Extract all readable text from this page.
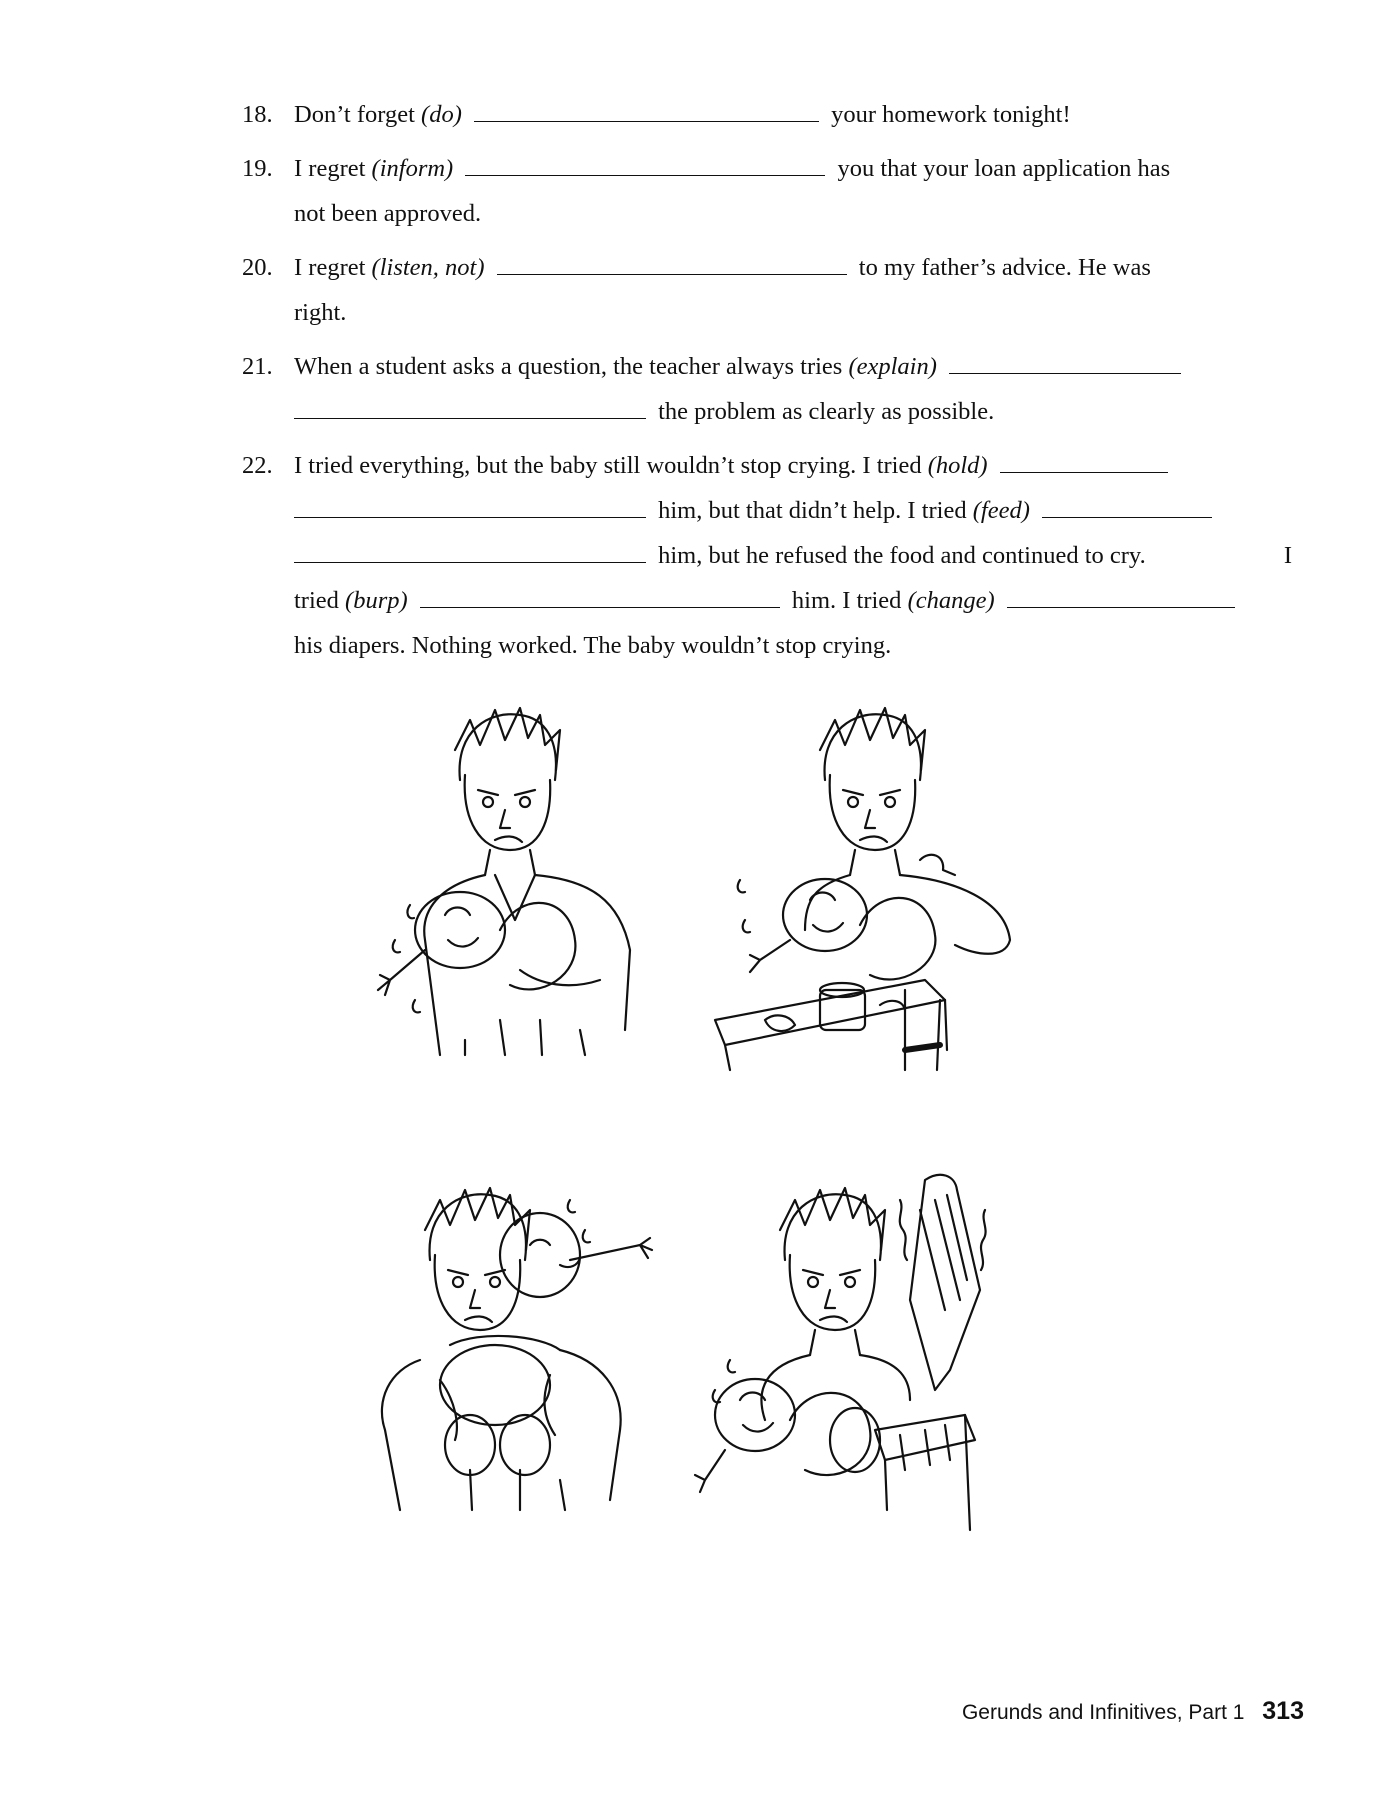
18. Don’t forget (do)	your homework tonight!
19. I regret (inform)	you that your loan application has
not been approved.
20. I regret (listen, not)	to my father’s advice. He was
right.
21. When a student asks a question, the teacher always tries (explain)
the problem as clearly as possible.
22. I tried everything, but the baby still wouldn’t stop crying. I tried (hold)
him, but that didn’t help. I tried (feed)
him, but he refused the food and continued to cry.	I
tried (burp)	him. I tried (change)
his diapers. Nothing worked. The baby wouldn’t stop crying.
Gerunds and Infinitives, Part 1 313
